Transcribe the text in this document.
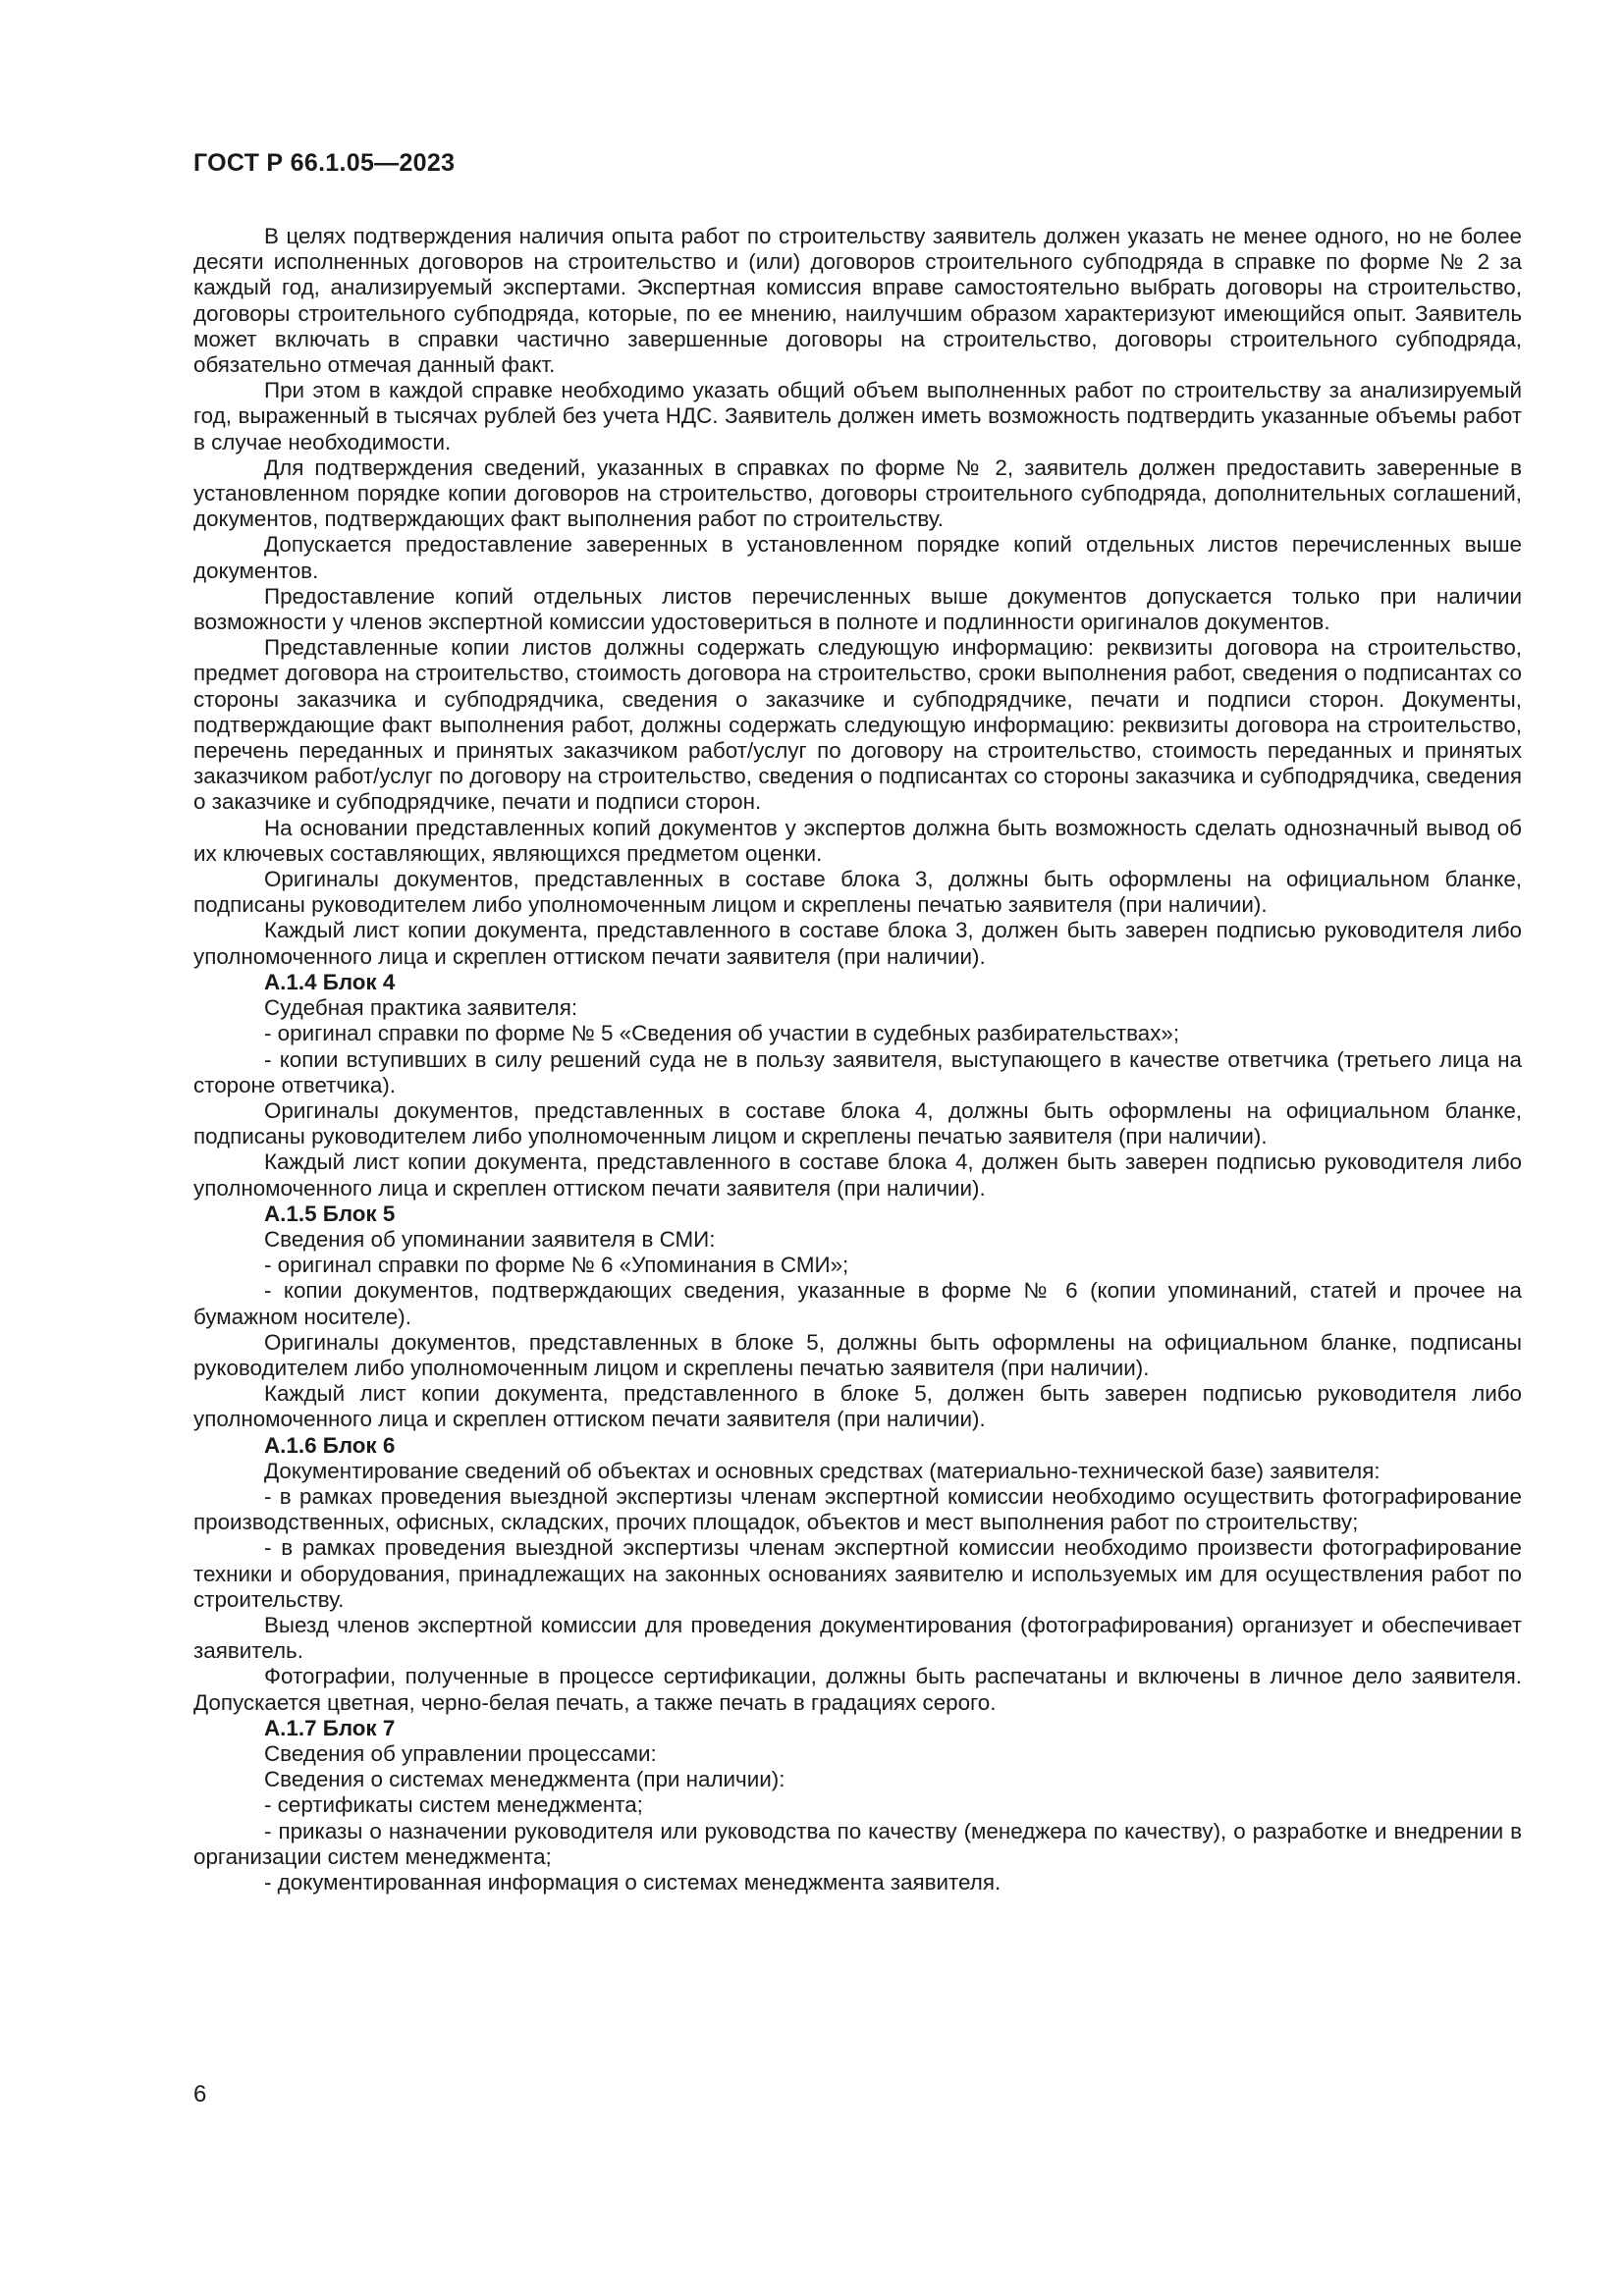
ГОСТ Р 66.1.05—2023

В целях подтверждения наличия опыта работ по строительству заявитель должен указать не менее одного, но не более десяти исполненных договоров на строительство и (или) договоров строительного субподряда в справке по форме № 2 за каждый год, анализируемый экспертами. Экспертная комиссия вправе самостоятельно выбрать договоры на строительство, договоры строительного субподряда, которые, по ее мнению, наилучшим образом характеризуют имеющийся опыт. Заявитель может включать в справки частично завершенные договоры на строительство, договоры строительного субподряда, обязательно отмечая данный факт.

При этом в каждой справке необходимо указать общий объем выполненных работ по строительству за анализируемый год, выраженный в тысячах рублей без учета НДС. Заявитель должен иметь возможность подтвердить указанные объемы работ в случае необходимости.

Для подтверждения сведений, указанных в справках по форме № 2, заявитель должен предоставить заверенные в установленном порядке копии договоров на строительство, договоры строительного субподряда, дополнительных соглашений, документов, подтверждающих факт выполнения работ по строительству.

Допускается предоставление заверенных в установленном порядке копий отдельных листов перечисленных выше документов.

Предоставление копий отдельных листов перечисленных выше документов допускается только при наличии возможности у членов экспертной комиссии удостовериться в полноте и подлинности оригиналов документов.

Представленные копии листов должны содержать следующую информацию: реквизиты договора на строительство, предмет договора на строительство, стоимость договора на строительство, сроки выполнения работ, сведения о подписантах со стороны заказчика и субподрядчика, сведения о заказчике и субподрядчике, печати и подписи сторон. Документы, подтверждающие факт выполнения работ, должны содержать следующую информацию: реквизиты договора на строительство, перечень переданных и принятых заказчиком работ/услуг по договору на строительство, стоимость переданных и принятых заказчиком работ/услуг по договору на строительство, сведения о подписантах со стороны заказчика и субподрядчика, сведения о заказчике и субподрядчике, печати и подписи сторон.

На основании представленных копий документов у экспертов должна быть возможность сделать однозначный вывод об их ключевых составляющих, являющихся предметом оценки.

Оригиналы документов, представленных в составе блока 3, должны быть оформлены на официальном бланке, подписаны руководителем либо уполномоченным лицом и скреплены печатью заявителя (при наличии).

Каждый лист копии документа, представленного в составе блока 3, должен быть заверен подписью руководителя либо уполномоченного лица и скреплен оттиском печати заявителя (при наличии).

А.1.4 Блок 4

Судебная практика заявителя:

- оригинал справки по форме № 5 «Сведения об участии в судебных разбирательствах»;

- копии вступивших в силу решений суда не в пользу заявителя, выступающего в качестве ответчика (третьего лица на стороне ответчика).

Оригиналы документов, представленных в составе блока 4, должны быть оформлены на официальном бланке, подписаны руководителем либо уполномоченным лицом и скреплены печатью заявителя (при наличии).

Каждый лист копии документа, представленного в составе блока 4, должен быть заверен подписью руководителя либо уполномоченного лица и скреплен оттиском печати заявителя (при наличии).

А.1.5 Блок 5

Сведения об упоминании заявителя в СМИ:

- оригинал справки по форме № 6 «Упоминания в СМИ»;

- копии документов, подтверждающих сведения, указанные в форме № 6 (копии упоминаний, статей и прочее на бумажном носителе).

Оригиналы документов, представленных в блоке 5, должны быть оформлены на официальном бланке, подписаны руководителем либо уполномоченным лицом и скреплены печатью заявителя (при наличии).

Каждый лист копии документа, представленного в блоке 5, должен быть заверен подписью руководителя либо уполномоченного лица и скреплен оттиском печати заявителя (при наличии).

А.1.6 Блок 6

Документирование сведений об объектах и основных средствах (материально-технической базе) заявителя:

- в рамках проведения выездной экспертизы членам экспертной комиссии необходимо осуществить фотографирование производственных, офисных, складских, прочих площадок, объектов и мест выполнения работ по строительству;

- в рамках проведения выездной экспертизы членам экспертной комиссии необходимо произвести фотографирование техники и оборудования, принадлежащих на законных основаниях заявителю и используемых им для осуществления работ по строительству.

Выезд членов экспертной комиссии для проведения документирования (фотографирования) организует и обеспечивает заявитель.

Фотографии, полученные в процессе сертификации, должны быть распечатаны и включены в личное дело заявителя. Допускается цветная, черно-белая печать, а также печать в градациях серого.

А.1.7 Блок 7

Сведения об управлении процессами:

Сведения о системах менеджмента (при наличии):

- сертификаты систем менеджмента;

- приказы о назначении руководителя или руководства по качеству (менеджера по качеству), о разработке и внедрении в организации систем менеджмента;

- документированная информация о системах менеджмента заявителя.

6
